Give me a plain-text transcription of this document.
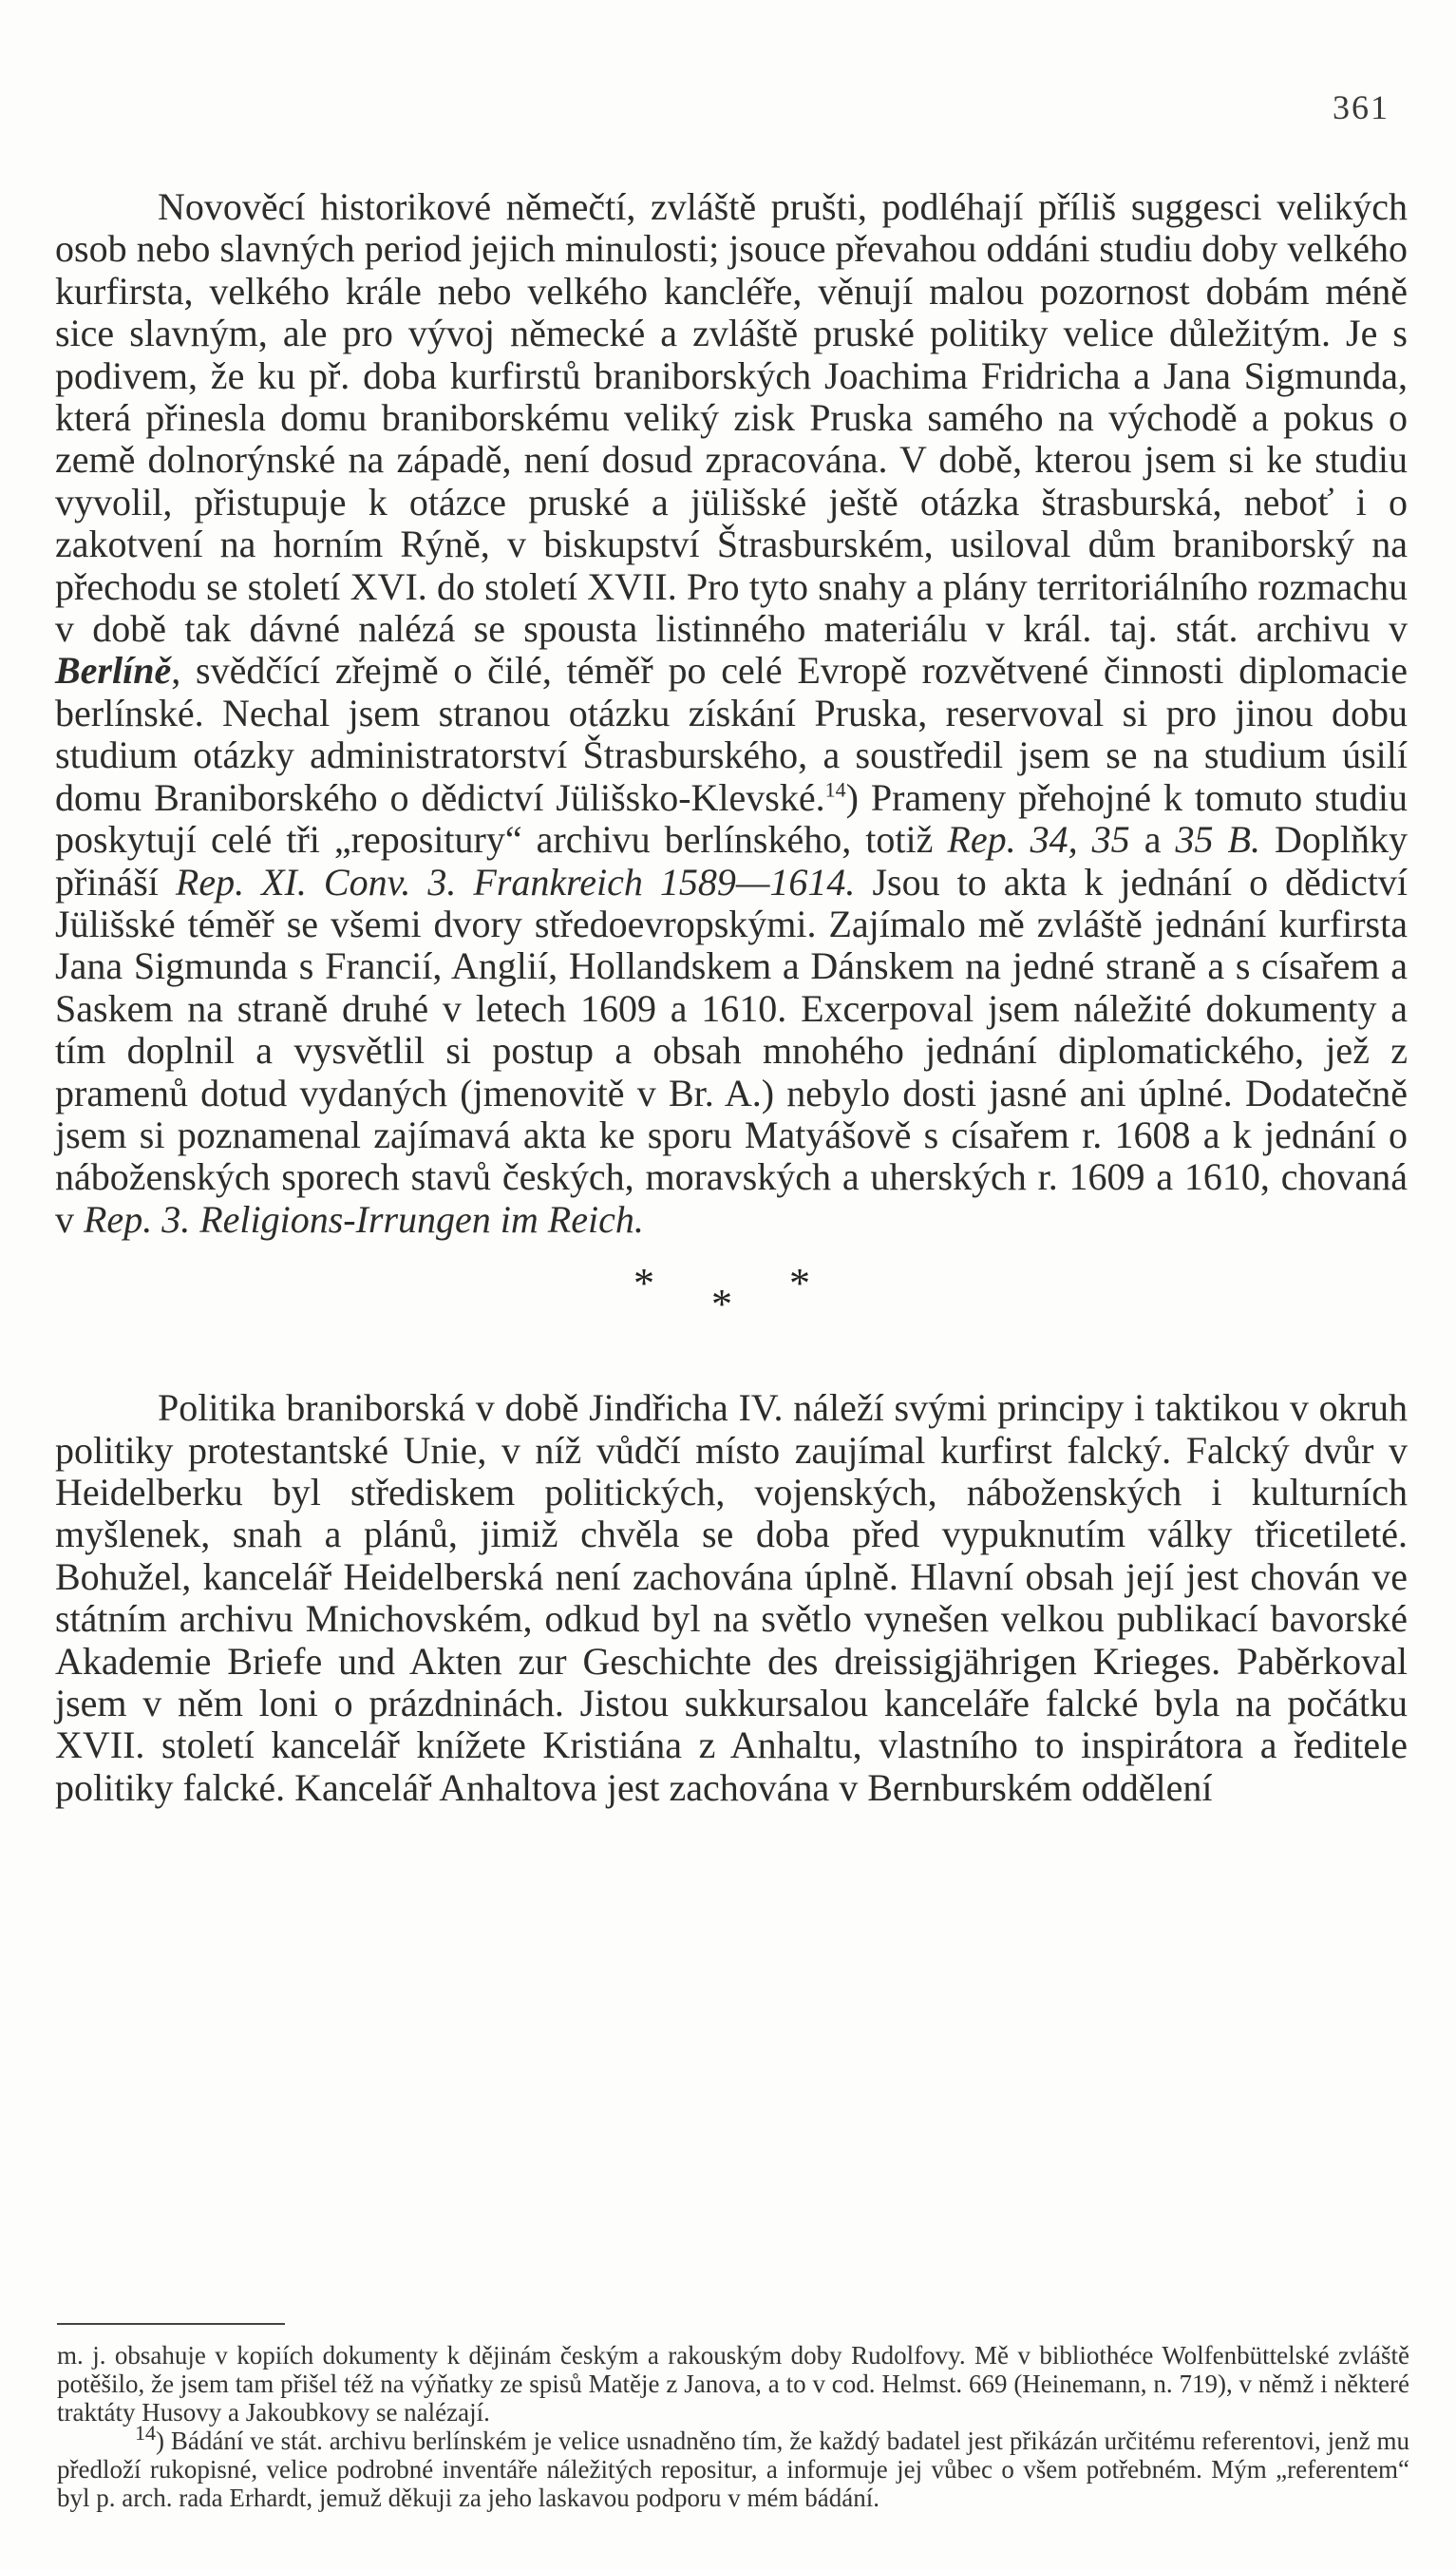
361

Novověcí historikové němečtí, zvláště prušti, podléhají příliš suggesci velikých osob nebo slavných period jejich minulosti; jsouce převahou oddáni studiu doby velkého kurfirsta, velkého krále nebo velkého kancléře, věnují malou pozornost dobám méně sice slavným, ale pro vývoj německé a zvláště pruské politiky velice důležitým. Je s podivem, že ku př. doba kurfirstů braniborských Joachima Fridricha a Jana Sigmunda, která přinesla domu braniborskému veliký zisk Pruska samého na východě a pokus o země dolnorýnské na západě, není dosud zpracována. V době, kterou jsem si ke studiu vyvolil, přistupuje k otázce pruské a jülišské ještě otázka štrasburská, neboť i o zakotvení na horním Rýně, v biskupství Štrasburském, usiloval dům braniborský na přechodu se století XVI. do století XVII. Pro tyto snahy a plány territoriálního rozmachu v době tak dávné nalézá se spousta listinného materiálu v král. taj. stát. archivu v Berlíně, svědčící zřejmě o čilé, téměř po celé Evropě rozvětvené činnosti diplomacie berlínské. Nechal jsem stranou otázku získání Pruska, reservoval si pro jinou dobu studium otázky administratorství Štrasburského, a soustředil jsem se na studium úsilí domu Braniborského o dědictví Jülišsko-Klevské.$^{14}$) Prameny přehojné k tomuto studiu poskytují celé tři „repositury“ archivu berlínského, totiž Rep. 34, 35 a 35 B. Doplňky přináší Rep. XI. Conv. 3. Frankreich 1589—1614. Jsou to akta k jednání o dědictví Jülišské téměř se všemi dvory středoevropskými. Zajímalo mě zvláště jednání kurfirsta Jana Sigmunda s Francií, Anglií, Hollandskem a Dánskem na jedné straně a s císařem a Saskem na straně druhé v letech 1609 a 1610. Excerpoval jsem náležité dokumenty a tím doplnil a vysvětlil si postup a obsah mnohého jednání diplomatického, jež z pramenů dotud vydaných (jmenovitě v Br. A.) nebylo dosti jasné ani úplné. Dodatečně jsem si poznamenal zajímavá akta ke sporu Matyášově s císařem r. 1608 a k jednání o náboženských sporech stavů českých, moravských a uherských r. 1609 a 1610, chovaná v Rep. 3. Religions-Irrungen im Reich.

***

Politika braniborská v době Jindřicha IV. náleží svými principy i taktikou v okruh politiky protestantské Unie, v níž vůdčí místo zaujímal kurfirst falcký. Falcký dvůr v Heidelberku byl střediskem politických, vojenských, náboženských i kulturních myšlenek, snah a plánů, jimiž chvěla se doba před vypuknutím války třicetileté. Bohužel, kancelář Heidelberská není zachována úplně. Hlavní obsah její jest chován ve státním archivu Mnichovském, odkud byl na světlo vynešen velkou publikací bavorské Akademie Briefe und Akten zur Geschichte des dreissigjährigen Krieges. Paběrkoval jsem v něm loni o prázdninách. Jistou sukkursalou kanceláře falcké byla na počátku XVII. století kancelář knížete Kristiána z Anhaltu, vlastního to inspirátora a ředitele politiky falcké. Kancelář Anhaltova jest zachována v Bernburském oddělení

m. j. obsahuje v kopiích dokumenty k dějinám českým a rakouským doby Rudolfovy. Mě v bibliothéce Wolfenbüttelské zvláště potěšilo, že jsem tam přišel též na výňatky ze spisů Matěje z Janova, a to v cod. Helmst. 669 (Heinemann, n. 719), v němž i některé traktáty Husovy a Jakoubkovy se nalézají.

$^{14}$) Bádání ve stát. archivu berlínském je velice usnadněno tím, že každý badatel jest přikázán určitému referentovi, jenž mu předloží rukopisné, velice podrobné inventáře náležitých repositur, a informuje jej vůbec o všem potřebném. Mým „referentem“ byl p. arch. rada Erhardt, jemuž děkuji za jeho laskavou podporu v mém bádání.
